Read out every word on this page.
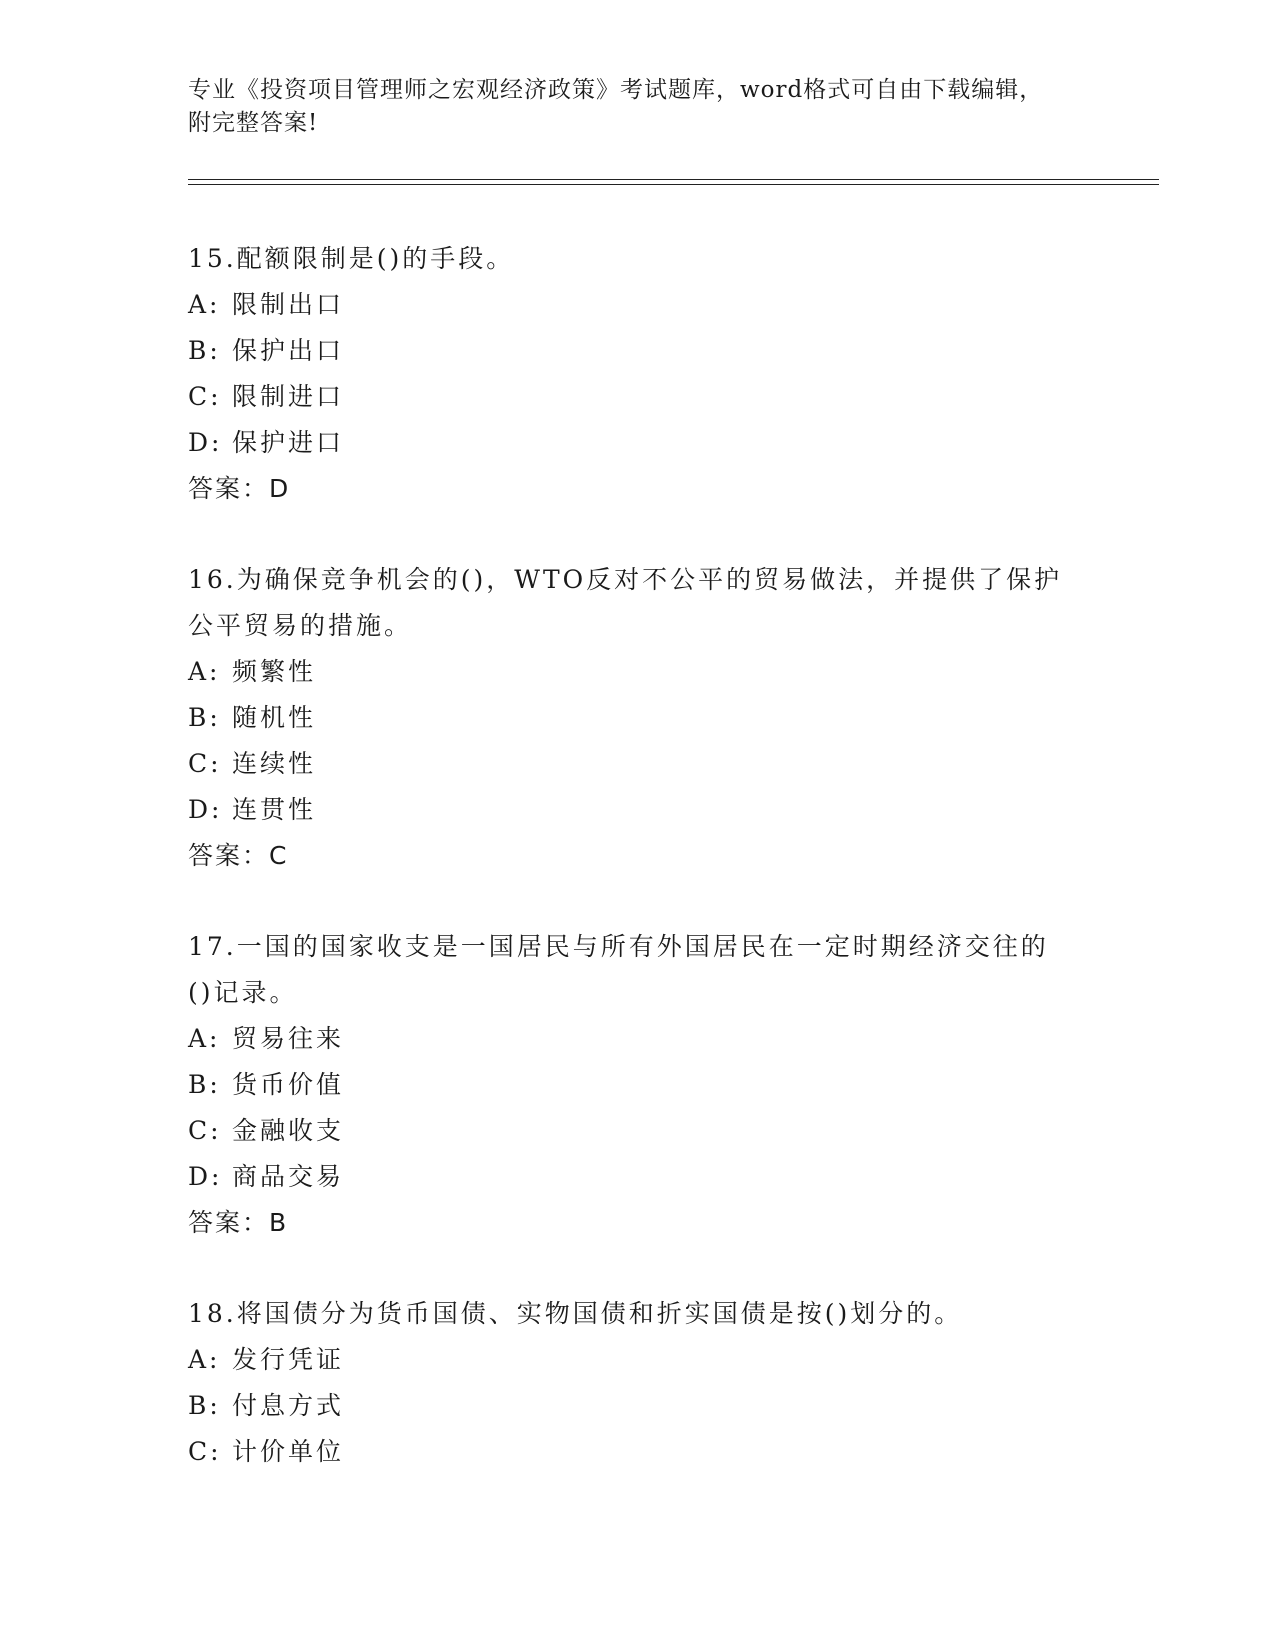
专业《投资项目管理师之宏观经济政策》考试题库，word格式可自由下载编辑，
附完整答案!
15.配额限制是()的手段。
A: 限制出口
B: 保护出口
C: 限制进口
D: 保护进口
答案：D
16.为确保竞争机会的()，WTO反对不公平的贸易做法，并提供了保护
公平贸易的措施。
A: 频繁性
B: 随机性
C: 连续性
D: 连贯性
答案：C
17.一国的国家收支是一国居民与所有外国居民在一定时期经济交往的
()记录。
A: 贸易往来
B: 货币价值
C: 金融收支
D: 商品交易
答案：B
18.将国债分为货币国债、实物国债和折实国债是按()划分的。
A: 发行凭证
B: 付息方式
C: 计价单位
